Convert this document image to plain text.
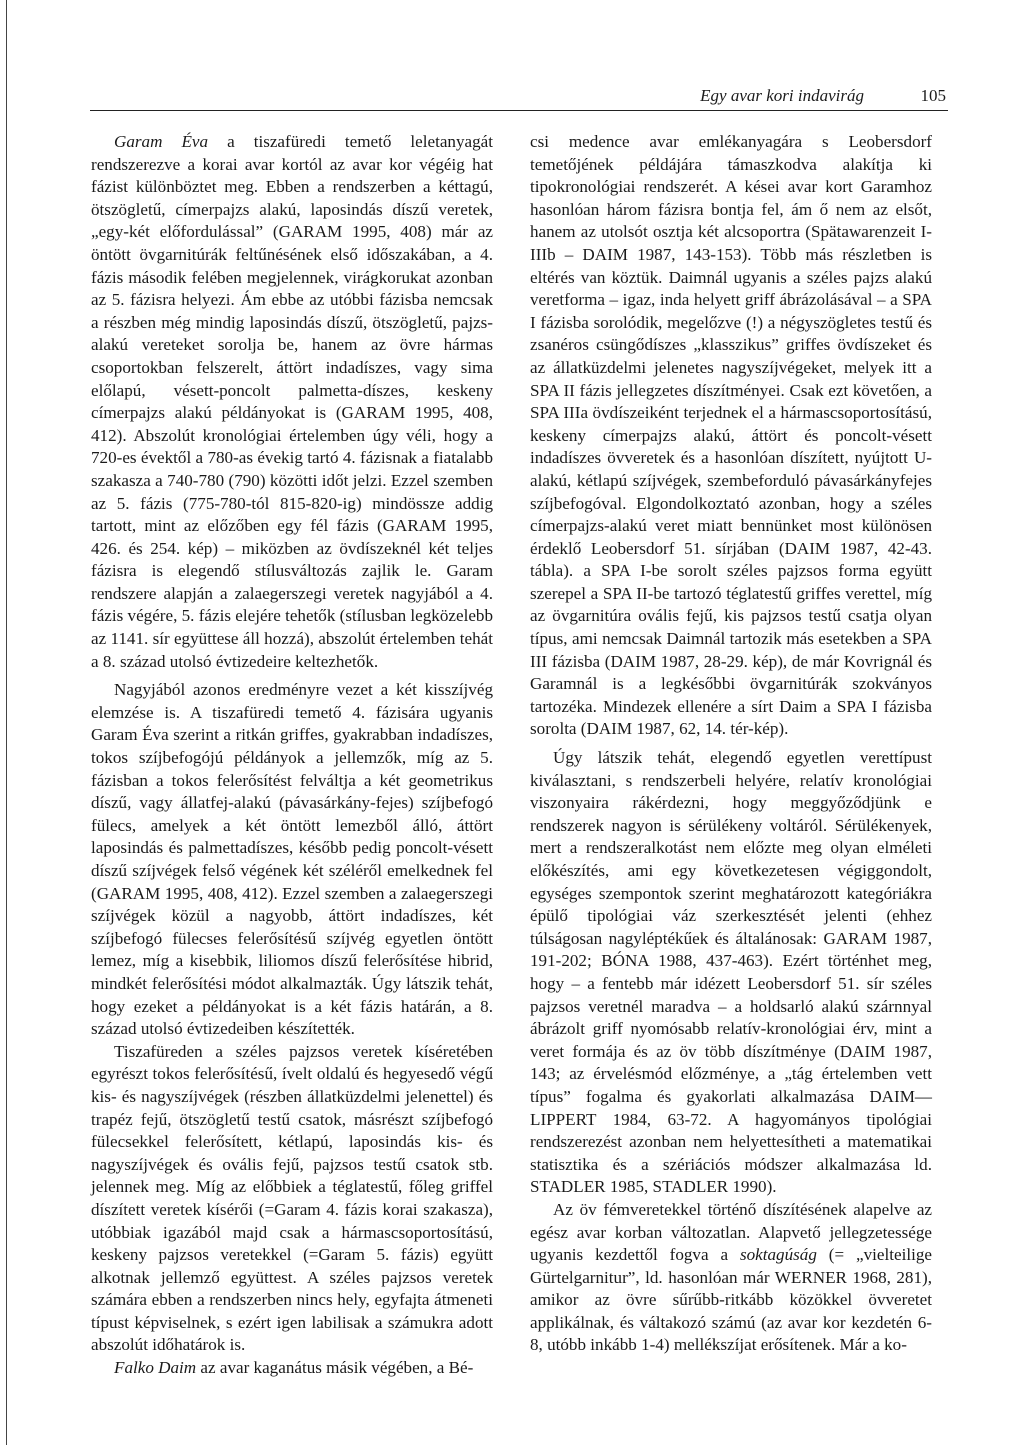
Egy avar kori indavirág	105

Garam Éva a tiszafüredi temető leletanyagát rendszerezve a korai avar kortól az avar kor végéig hat fázist különböztet meg. Ebben a rendszerben a kéttagú, ötszögletű, címerpajzs alakú, laposindás díszű veretek, „egy-két előfordulással” (GARAM 1995, 408) már az öntött övgarnitúrák feltűnésének első időszakában, a 4. fázis második felében megjelennek, virágkorukat azonban az 5. fázisra helyezi. Ám ebbe az utóbbi fázisba nemcsak a részben még mindig laposindás díszű, ötszögletű, pajzs-alakú vereteket sorolja be, hanem az övre hármas csoportokban felszerelt, áttört indadíszes, vagy sima előlapú, vésett-poncolt palmetta-díszes, keskeny címerpajzs alakú példányokat is (GARAM 1995, 408, 412). Abszolút kronológiai értelemben úgy véli, hogy a 720-es évektől a 780-as évekig tartó 4. fázisnak a fiatalabb szakasza a 740-780 (790) közötti időt jelzi. Ezzel szemben az 5. fázis (775-780-tól 815-820-ig) mindössze addig tartott, mint az előzőben egy fél fázis (GARAM 1995, 426. és 254. kép) – miközben az övdíszeknél két teljes fázisra is elegendő stílusváltozás zajlik le. Garam rendszere alapján a zalaegerszegi veretek nagyjából a 4. fázis végére, 5. fázis elejére tehetők (stílusban legközelebb az 1141. sír együttese áll hozzá), abszolút értelemben tehát a 8. század utolsó évtizedeire keltezhetők.

Nagyjából azonos eredményre vezet a két kisszíjvég elemzése is. A tiszafüredi temető 4. fázisára ugyanis Garam Éva szerint a ritkán griffes, gyakrabban indadíszes, tokos szíjbefogójú példányok a jellemzők, míg az 5. fázisban a tokos felerősítést felváltja a két geometrikus díszű, vagy állatfej-alakú (pávasárkány-fejes) szíjbefogó fülecs, amelyek a két öntött lemezből álló, áttört laposindás és palmettadíszes, később pedig poncolt-vésett díszű szíjvégek felső végének két széléről emelkednek fel (GARAM 1995, 408, 412). Ezzel szemben a zalaegerszegi szíjvégek közül a nagyobb, áttört indadíszes, két szíjbefogó fülecses felerősítésű szíjvég egyetlen öntött lemez, míg a kisebbik, liliomos díszű felerősítése hibrid, mindkét felerősítési módot alkalmazták. Úgy látszik tehát, hogy ezeket a példányokat is a két fázis határán, a 8. század utolsó évtizedeiben készítették.

Tiszafüreden a széles pajzsos veretek kíséretében egyrészt tokos felerősítésű, ívelt oldalú és hegyesedő végű kis- és nagyszíjvégek (részben állatküzdelmi jelenettel) és trapéz fejű, ötszögletű testű csatok, másrészt szíjbefogó fülecsekkel felerősített, kétlapú, laposindás kis- és nagyszíjvégek és ovális fejű, pajzsos testű csatok stb. jelennek meg. Míg az előbbiek a téglatestű, főleg griffel díszített veretek kísérői (=Garam 4. fázis korai szakasza), utóbbiak igazából majd csak a hármascsoportosítású, keskeny pajzsos veretekkel (=Garam 5. fázis) együtt alkotnak jellemző együttest. A széles pajzsos veretek számára ebben a rendszerben nincs hely, egyfajta átmeneti típust képviselnek, s ezért igen labilisak a számukra adott abszolút időhatárok is.

Falko Daim az avar kaganátus másik végében, a Bé-

csi medence avar emlékanyagára s Leobersdorf temetőjének példájára támaszkodva alakítja ki tipokronológiai rendszerét. A kései avar kort Garamhoz hasonlóan három fázisra bontja fel, ám ő nem az elsőt, hanem az utolsót osztja két alcsoportra (Spätawarenzeit I-IIIb – DAIM 1987, 143-153). Több más részletben is eltérés van köztük. Daimnál ugyanis a széles pajzs alakú veretforma – igaz, inda helyett griff ábrázolásával – a SPA I fázisba sorolódik, megelőzve (!) a négyszögletes testű és zsanéros csüngődíszes „klasszikus” griffes övdíszeket és az állatküzdelmi jelenetes nagyszíjvégeket, melyek itt a SPA II fázis jellegzetes díszítményei. Csak ezt követően, a SPA IIIa övdíszeiként terjednek el a hármascsoportosítású, keskeny címerpajzs alakú, áttört és poncolt-vésett indadíszes övveretek és a hasonlóan díszített, nyújtott U-alakú, kétlapú szíjvégek, szembeforduló pávasárkányfejes szíjbefogóval. Elgondolkoztató azonban, hogy a széles címerpajzs-alakú veret miatt bennünket most különösen érdeklő Leobersdorf 51. sírjában (DAIM 1987, 42-43. tábla). a SPA I-be sorolt széles pajzsos forma együtt szerepel a SPA II-be tartozó téglatestű griffes verettel, míg az övgarnitúra ovális fejű, kis pajzsos testű csatja olyan típus, ami nemcsak Daimnál tartozik más esetekben a SPA III fázisba (DAIM 1987, 28-29. kép), de már Kovrignál és Garamnál is a legkésőbbi övgarnitúrák szokványos tartozéka. Mindezek ellenére a sírt Daim a SPA I fázisba sorolta (DAIM 1987, 62, 14. tér-kép).

Úgy látszik tehát, elegendő egyetlen verettípust kiválasztani, s rendszerbeli helyére, relatív kronológiai viszonyaira rákérdezni, hogy meggyőződjünk e rendszerek nagyon is sérülékeny voltáról. Sérülékenyek, mert a rendszeralkotást nem előzte meg olyan elméleti előkészítés, ami egy következetesen végiggondolt, egységes szempontok szerint meghatározott kategóriákra épülő tipológiai váz szerkesztését jelenti (ehhez túlságosan nagyléptékűek és általánosak: GARAM 1987, 191-202; BÓNA 1988, 437-463). Ezért történhet meg, hogy – a fentebb már idézett Leobersdorf 51. sír széles pajzsos veretnél maradva – a holdsarló alakú szárnnyal ábrázolt griff nyomósabb relatív-kronológiai érv, mint a veret formája és az öv több díszítménye (DAIM 1987, 143; az érvelésmód előzménye, a „tág értelemben vett típus” fogalma és gyakorlati alkalmazása DAIM—LIPPERT 1984, 63-72. A hagyományos tipológiai rendszerezést azonban nem helyettesítheti a matematikai statisztika és a szériációs módszer alkalmazása ld. STADLER 1985, STADLER 1990).

Az öv fémveretekkel történő díszítésének alapelve az egész avar korban változatlan. Alapvető jellegzetessége ugyanis kezdettől fogva a soktagúság (= „vielteilige Gürtelgarnitur”, ld. hasonlóan már WERNER 1968, 281), amikor az övre sűrűbb-ritkább közökkel övveretet applikálnak, és váltakozó számú (az avar kor kezdetén 6-8, utóbb inkább 1-4) mellékszíjat erősítenek. Már a ko-
